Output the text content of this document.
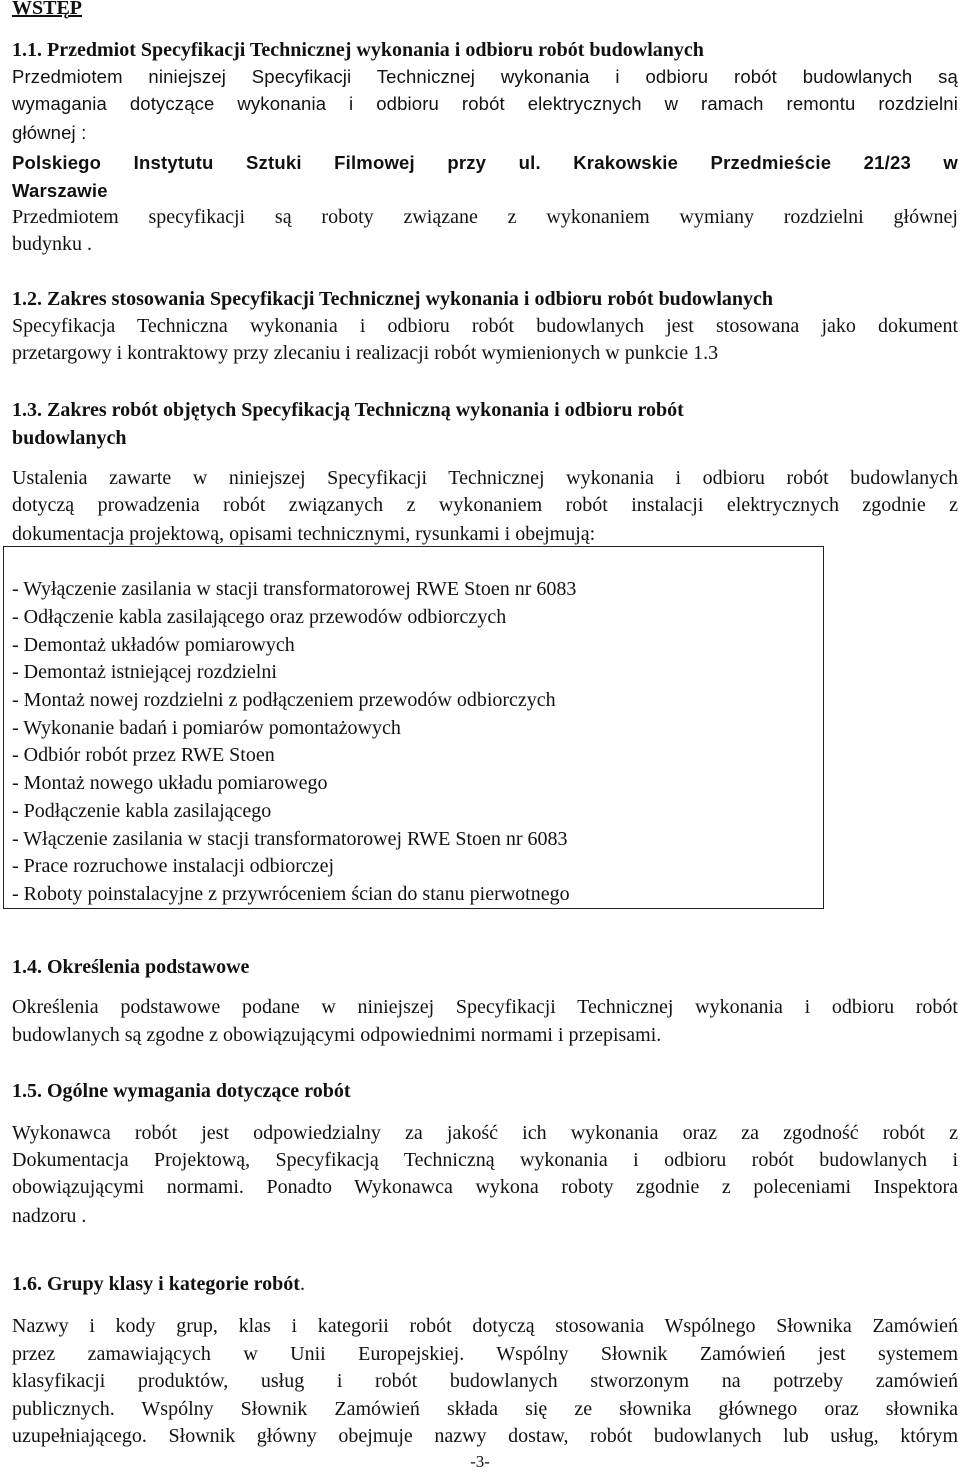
WSTĘP

1.1. Przedmiot Specyfikacji Technicznej wykonania i odbioru robót budowlanych

Przedmiotem niniejszej Specyfikacji Technicznej wykonania i odbioru robót budowlanych są

wymagania dotyczące wykonania i odbioru robót elektrycznych w ramach remontu rozdzielni

głównej :

Polskiego Instytutu Sztuki Filmowej przy ul. Krakowskie Przedmieście 21/23 w

Warszawie

Przedmiotem specyfikacji są roboty związane z wykonaniem wymiany rozdzielni głównej

budynku .

1.2. Zakres stosowania Specyfikacji Technicznej wykonania i odbioru robót budowlanych

Specyfikacja Techniczna wykonania i odbioru robót budowlanych jest stosowana jako dokument

przetargowy i kontraktowy przy zlecaniu i realizacji robót wymienionych w punkcie 1.3

1.3. Zakres robót objętych Specyfikacją Techniczną wykonania i odbioru robót

budowlanych

Ustalenia zawarte w niniejszej Specyfikacji Technicznej wykonania i odbioru robót budowlanych

dotyczą prowadzenia robót związanych z wykonaniem robót instalacji elektrycznych zgodnie z

dokumentacja projektową, opisami technicznymi, rysunkami i obejmują:

- Wyłączenie zasilania w stacji transformatorowej RWE Stoen nr 6083

- Odłączenie kabla zasilającego oraz przewodów odbiorczych

- Demontaż układów pomiarowych

- Demontaż istniejącej rozdzielni

- Montaż nowej rozdzielni z podłączeniem przewodów odbiorczych

- Wykonanie badań i pomiarów pomontażowych

- Odbiór robót przez RWE Stoen

- Montaż nowego układu pomiarowego

- Podłączenie kabla zasilającego

- Włączenie zasilania w stacji transformatorowej RWE Stoen nr 6083

- Prace rozruchowe instalacji odbiorczej

- Roboty poinstalacyjne z przywróceniem ścian do stanu pierwotnego

1.4. Określenia podstawowe

Określenia podstawowe podane w niniejszej Specyfikacji Technicznej wykonania i odbioru robót

budowlanych są zgodne z obowiązującymi odpowiednimi normami i przepisami.

1.5. Ogólne wymagania dotyczące robót

Wykonawca robót jest odpowiedzialny za jakość ich wykonania oraz za zgodność robót z

Dokumentacja Projektową, Specyfikacją Techniczną wykonania i odbioru robót budowlanych i

obowiązującymi normami. Ponadto Wykonawca wykona roboty zgodnie z poleceniami Inspektora

nadzoru .

1.6. Grupy klasy i kategorie robót.

Nazwy i kody grup, klas i kategorii robót dotyczą stosowania Wspólnego Słownika Zamówień

przez zamawiających w Unii Europejskiej. Wspólny Słownik Zamówień jest systemem

klasyfikacji produktów, usług i robót budowlanych stworzonym na potrzeby zamówień

publicznych. Wspólny Słownik Zamówień składa się ze słownika głównego oraz słownika

uzupełniającego. Słownik główny obejmuje nazwy dostaw, robót budowlanych lub usług, którym

-3-
